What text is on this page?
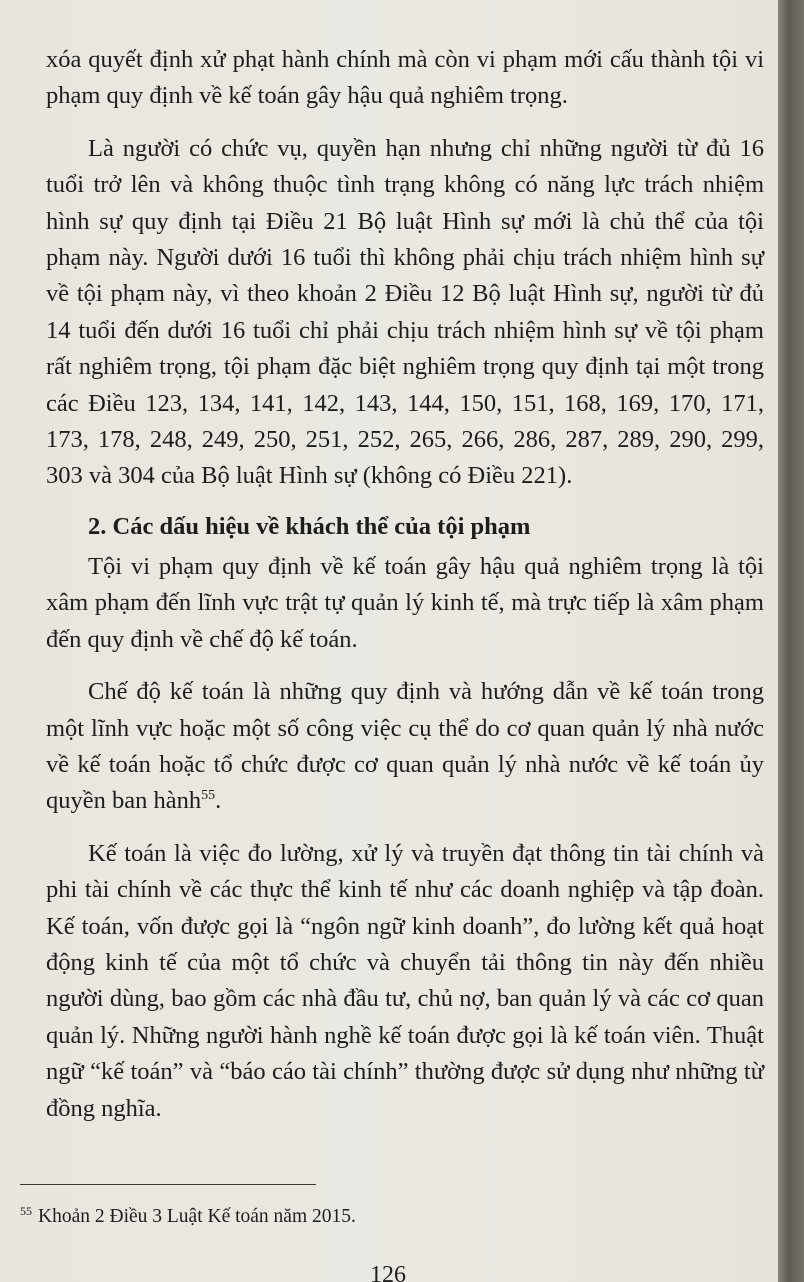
xóa quyết định xử phạt hành chính mà còn vi phạm mới cấu thành tội vi phạm quy định về kế toán gây hậu quả nghiêm trọng.

Là người có chức vụ, quyền hạn nhưng chỉ những người từ đủ 16 tuổi trở lên và không thuộc tình trạng không có năng lực trách nhiệm hình sự quy định tại Điều 21 Bộ luật Hình sự mới là chủ thể của tội phạm này. Người dưới 16 tuổi thì không phải chịu trách nhiệm hình sự về tội phạm này, vì theo khoản 2 Điều 12 Bộ luật Hình sự, người từ đủ 14 tuổi đến dưới 16 tuổi chỉ phải chịu trách nhiệm hình sự về tội phạm rất nghiêm trọng, tội phạm đặc biệt nghiêm trọng quy định tại một trong các Điều 123, 134, 141, 142, 143, 144, 150, 151, 168, 169, 170, 171, 173, 178, 248, 249, 250, 251, 252, 265, 266, 286, 287, 289, 290, 299, 303 và 304 của Bộ luật Hình sự (không có Điều 221).

2. Các dấu hiệu về khách thể của tội phạm

Tội vi phạm quy định về kế toán gây hậu quả nghiêm trọng là tội xâm phạm đến lĩnh vực trật tự quản lý kinh tế, mà trực tiếp là xâm phạm đến quy định về chế độ kế toán.

Chế độ kế toán là những quy định và hướng dẫn về kế toán trong một lĩnh vực hoặc một số công việc cụ thể do cơ quan quản lý nhà nước về kế toán hoặc tổ chức được cơ quan quản lý nhà nước về kế toán ủy quyền ban hành$^{55}$.

Kế toán là việc đo lường, xử lý và truyền đạt thông tin tài chính và phi tài chính về các thực thể kinh tế như các doanh nghiệp và tập đoàn. Kế toán, vốn được gọi là “ngôn ngữ kinh doanh”, đo lường kết quả hoạt động kinh tế của một tổ chức và chuyển tải thông tin này đến nhiều người dùng, bao gồm các nhà đầu tư, chủ nợ, ban quản lý và các cơ quan quản lý. Những người hành nghề kế toán được gọi là kế toán viên. Thuật ngữ “kế toán” và “báo cáo tài chính” thường được sử dụng như những từ đồng nghĩa.

$^{55}$ Khoản 2 Điều 3 Luật Kế toán năm 2015.
126
